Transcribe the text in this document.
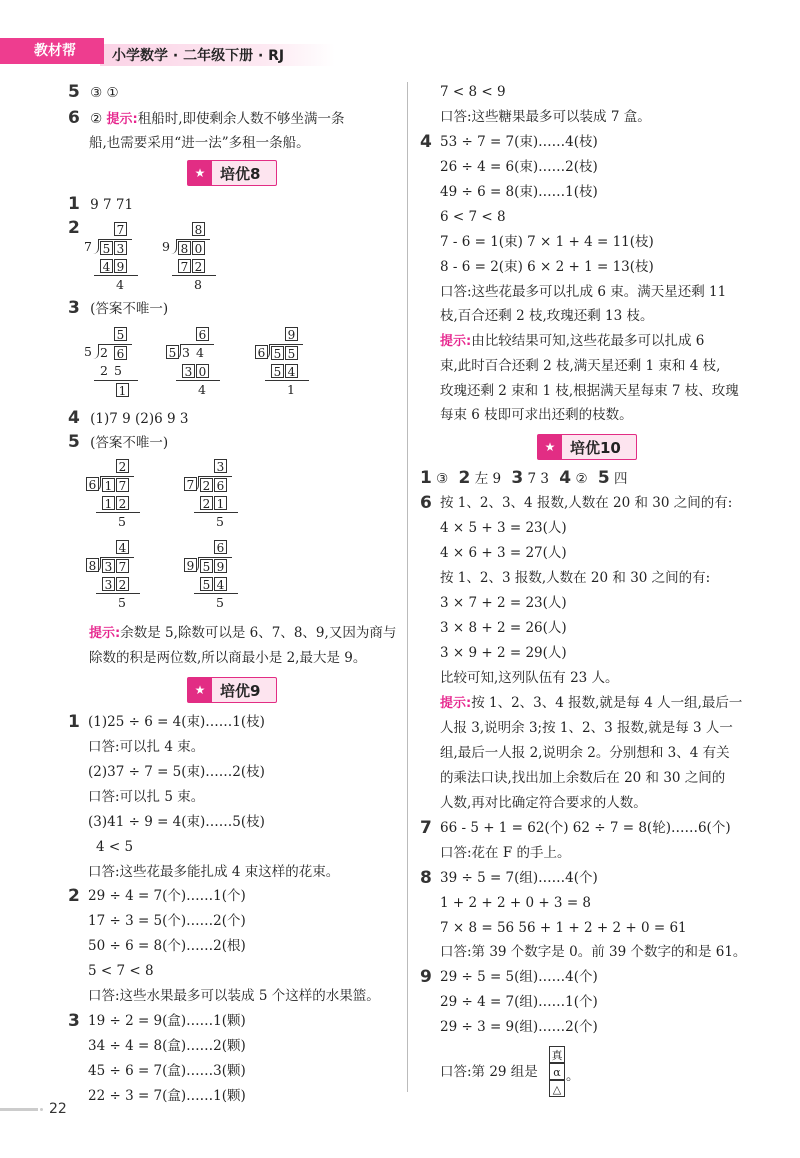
教材帮	小学数学 · 二年级下册 · RJ
5 ③ ①
6 ② 提示:租船时,即使剩余人数不够坐满一条
船,也需要采用“进一法”多租一条船。
★ 培优8
1 9 7 71
2	7
7 5 3
4 9
4
8
9 8 0
7 2
8
5
5 2 6
2 5
1
6
5 3 4
3 0
4
9
6 5 5
5 4
1
2
6 1 7
1 2
5
3
7 2 6
2 1
5
4
8 3 7
3 2
5
6
9 5 9
5 4
5
3 (答案不唯一)
4 (1)7 9 (2)6 9 3
5 (答案不唯一)
提示:余数是 5,除数可以是 6、7、8、9,又因为商与
除数的积是两位数,所以商最小是 2,最大是 9。
★ 培优9
1 (1)25 ÷ 6 = 4(束)……1(枝)
口答:可以扎 4 束。
(2)37 ÷ 7 = 5(束)……2(枝)
口答:可以扎 5 束。
(3)41 ÷ 9 = 4(束)……5(枝)
4 < 5
口答:这些花最多能扎成 4 束这样的花束。
2 29 ÷ 4 = 7(个)……1(个)
17 ÷ 3 = 5(个)……2(个)
50 ÷ 6 = 8(个)……2(根)
5 < 7 < 8
口答:这些水果最多可以装成 5 个这样的水果篮。
3 19 ÷ 2 = 9(盒)……1(颗)
34 ÷ 4 = 8(盒)……2(颗)
45 ÷ 6 = 7(盒)……3(颗)
22 ÷ 3 = 7(盒)……1(颗)
7 < 8 < 9
口答:这些糖果最多可以装成 7 盒。
4 53 ÷ 7 = 7(束)……4(枝)
26 ÷ 4 = 6(束)……2(枝)
49 ÷ 6 = 8(束)……1(枝)
6 < 7 < 8
7 - 6 = 1(束) 7 × 1 + 4 = 11(枝)
8 - 6 = 2(束) 6 × 2 + 1 = 13(枝)
口答:这些花最多可以扎成 6 束。满天星还剩 11
枝,百合还剩 2 枝,玫瑰还剩 13 枝。
提示:由比较结果可知,这些花最多可以扎成 6
束,此时百合还剩 2 枝,满天星还剩 1 束和 4 枝,
玫瑰还剩 2 束和 1 枝,根据满天星每束 7 枝、玫瑰
每束 6 枝即可求出还剩的枝数。
★ 培优10
1 ③ 2 左 9 3 7 3 4 ② 5 四
6 按 1、2、3、4 报数,人数在 20 和 30 之间的有:
4 × 5 + 3 = 23(人)
4 × 6 + 3 = 27(人)
按 1、2、3 报数,人数在 20 和 30 之间的有:
3 × 7 + 2 = 23(人)
3 × 8 + 2 = 26(人)
3 × 9 + 2 = 29(人)
比较可知,这列队伍有 23 人。
提示:按 1、2、3、4 报数,就是每 4 人一组,最后一
人报 3,说明余 3;按 1、2、3 报数,就是每 3 人一
组,最后一人报 2,说明余 2。分别想和 3、4 有关
的乘法口诀,找出加上余数后在 20 和 30 之间的
人数,再对比确定符合要求的人数。
7 66 - 5 + 1 = 62(个) 62 ÷ 7 = 8(轮)……6(个)
口答:花在 F 的手上。
8 39 ÷ 5 = 7(组)……4(个)
1 + 2 + 2 + 0 + 3 = 8
7 × 8 = 56 56 + 1 + 2 + 2 + 0 = 61
口答:第 39 个数字是 0。前 39 个数字的和是 61。
9 29 ÷ 5 = 5(组)……4(个)
29 ÷ 4 = 7(组)……1(个)
29 ÷ 3 = 9(组)……2(个)
口答:第 29 组是
真
α
△
。
22
